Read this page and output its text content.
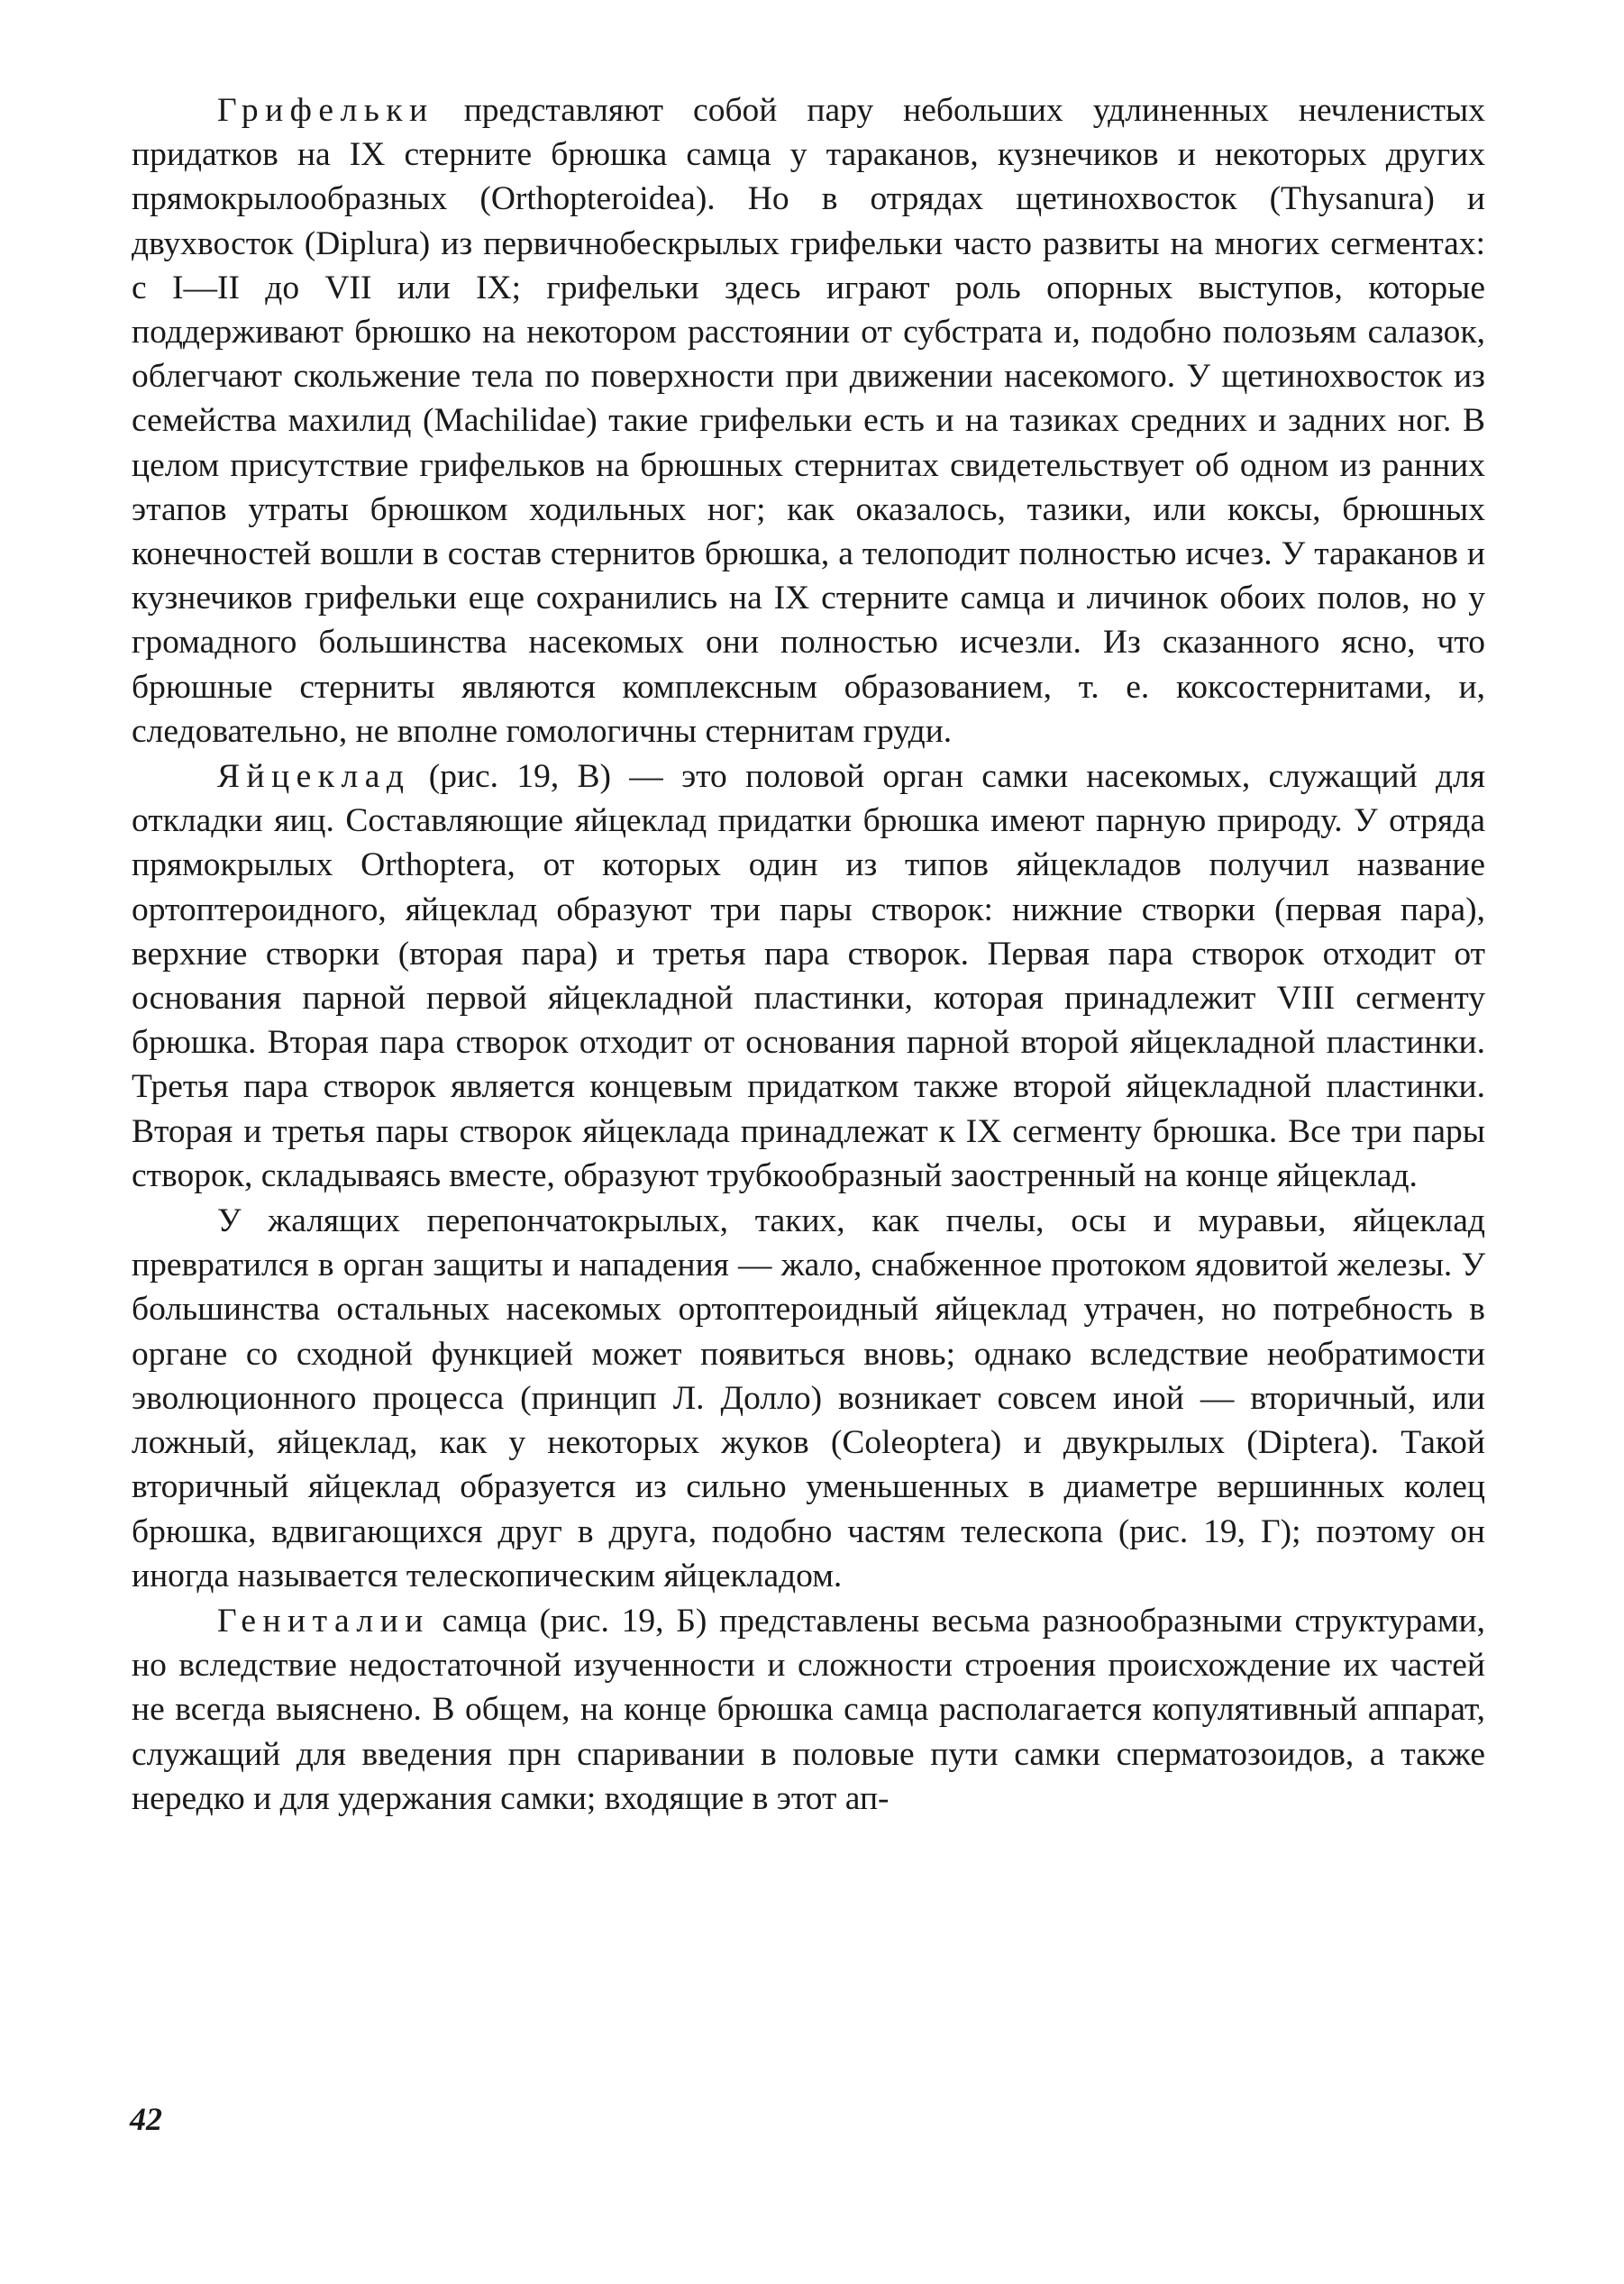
Грифельки представляют собой пару небольших удлиненных нечленистых придатков на IX стерните брюшка самца у тараканов, кузнечиков и некоторых других прямокрылообразных (Orthopteroidea). Но в отрядах щетинохвосток (Thysanura) и двухвосток (Diplura) из первичнобескрылых грифельки часто развиты на многих сегментах: с I—II до VII или IX; грифельки здесь играют роль опорных выступов, которые поддерживают брюшко на некотором расстоянии от субстрата и, подобно полозьям салазок, облегчают скольжение тела по поверхности при движении насекомого. У щетинохвосток из семейства махилид (Machilidae) такие грифельки есть и на тазиках средних и задних ног. В целом присутствие грифельков на брюшных стернитах свидетельствует об одном из ранних этапов утраты брюшком ходильных ног; как оказалось, тазики, или коксы, брюшных конечностей вошли в состав стернитов брюшка, а телоподит полностью исчез. У тараканов и кузнечиков грифельки еще сохранились на IX стерните самца и личинок обоих полов, но у громадного большинства насекомых они полностью исчезли. Из сказанного ясно, что брюшные стерниты являются комплексным образованием, т. е. коксостернитами, и, следовательно, не вполне гомологичны стернитам груди.

Яйцеклад (рис. 19, В) — это половой орган самки насекомых, служащий для откладки яиц. Составляющие яйцеклад придатки брюшка имеют парную природу. У отряда прямокрылых Orthoptera, от которых один из типов яйцекладов получил название ортоптероидного, яйцеклад образуют три пары створок: нижние створки (первая пара), верхние створки (вторая пара) и третья пара створок. Первая пара створок отходит от основания парной первой яйцекладной пластинки, которая принадлежит VIII сегменту брюшка. Вторая пара створок отходит от основания парной второй яйцекладной пластинки. Третья пара створок является концевым придатком также второй яйцекладной пластинки. Вторая и третья пары створок яйцеклада принадлежат к IX сегменту брюшка. Все три пары створок, складываясь вместе, образуют трубкообразный заостренный на конце яйцеклад.

У жалящих перепончатокрылых, таких, как пчелы, осы и муравьи, яйцеклад превратился в орган защиты и нападения — жало, снабженное протоком ядовитой железы. У большинства остальных насекомых ортоптероидный яйцеклад утрачен, но потребность в органе со сходной функцией может появиться вновь; однако вследствие необратимости эволюционного процесса (принцип Л. Долло) возникает совсем иной — вторичный, или ложный, яйцеклад, как у некоторых жуков (Coleoptera) и двукрылых (Diptera). Такой вторичный яйцеклад образуется из сильно уменьшенных в диаметре вершинных колец брюшка, вдвигающихся друг в друга, подобно частям телескопа (рис. 19, Г); поэтому он иногда называется телескопическим яйцекладом.

Гениталии самца (рис. 19, Б) представлены весьма разнообразными структурами, но вследствие недостаточной изученности и сложности строения происхождение их частей не всегда выяснено. В общем, на конце брюшка самца располагается копулятивный аппарат, служащий для введения прн спаривании в половые пути самки сперматозоидов, а также нередко и для удержания самки; входящие в этот ап-

42
